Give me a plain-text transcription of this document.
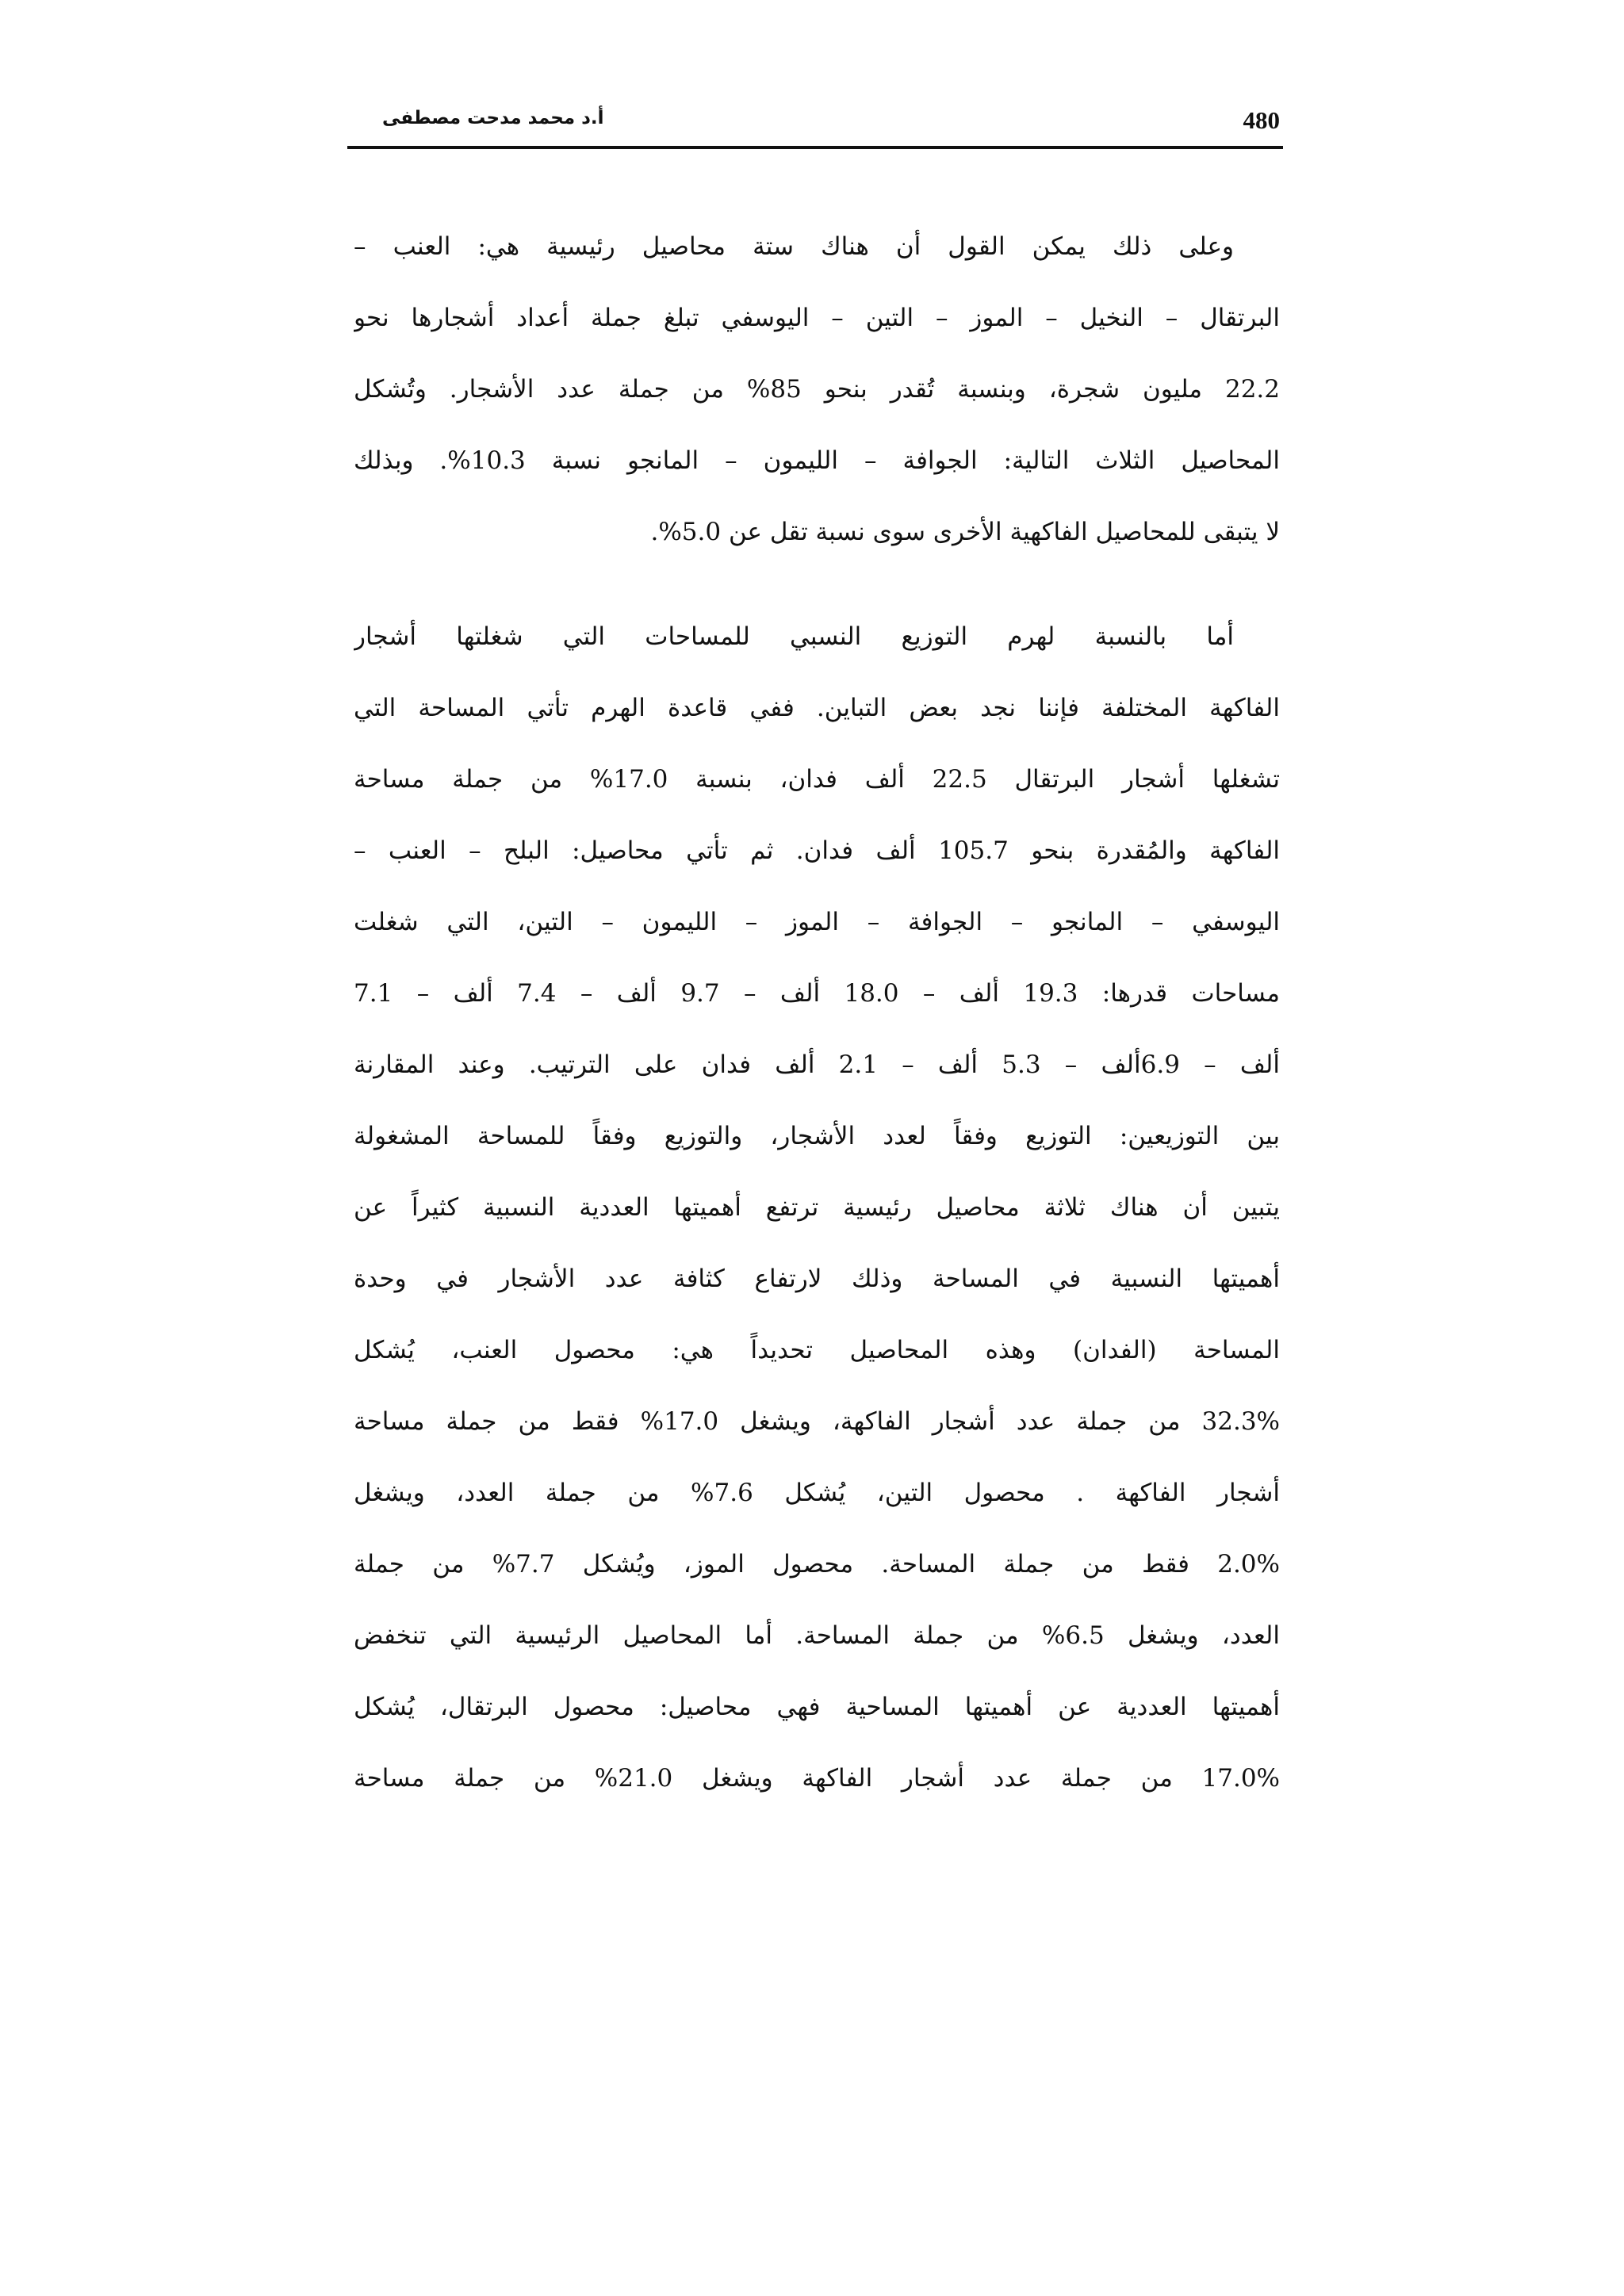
480
أ.د محمد مدحت مصطفى
وعلى ذلك يمكن القول أن هناك ستة محاصيل رئيسية هي: العنب –
البرتقال – النخيل – الموز – التين – اليوسفي تبلغ جملة أعداد أشجارها نحو
22.2 مليون شجرة، وبنسبة تُقدر بنحو 85% من جملة عدد الأشجار. وتُشكل
المحاصيل الثلاث التالية: الجوافة – الليمون – المانجو نسبة 10.3%. وبذلك
لا يتبقى للمحاصيل الفاكهية الأخرى سوى نسبة تقل عن 5.0%.
أما بالنسبة لهرم التوزيع النسبي للمساحات التي شغلتها أشجار
الفاكهة المختلفة فإننا نجد بعض التباين. ففي قاعدة الهرم تأتي المساحة التي
تشغلها أشجار البرتقال 22.5 ألف فدان، بنسبة 17.0% من جملة مساحة
الفاكهة والمُقدرة بنحو 105.7 ألف فدان. ثم تأتي محاصيل: البلح – العنب –
اليوسفي – المانجو – الجوافة – الموز – الليمون – التين، التي شغلت
مساحات قدرها: 19.3 ألف – 18.0 ألف – 9.7 ألف – 7.4 ألف – 7.1
ألف – 6.9ألف – 5.3 ألف – 2.1 ألف فدان على الترتيب. وعند المقارنة
بين التوزيعين: التوزيع وفقاً لعدد الأشجار، والتوزيع وفقاً للمساحة المشغولة
يتبين أن هناك ثلاثة محاصيل رئيسية ترتفع أهميتها العددية النسبية كثيراً عن
أهميتها النسبية في المساحة وذلك لارتفاع كثافة عدد الأشجار في وحدة
المساحة (الفدان) وهذه المحاصيل تحديداً هي: محصول العنب، يُشكل
32.3% من جملة عدد أشجار الفاكهة، ويشغل 17.0% فقط من جملة مساحة
أشجار الفاكهة . محصول التين، يُشكل 7.6% من جملة العدد، ويشغل
2.0% فقط من جملة المساحة. محصول الموز، ويُشكل 7.7% من جملة
العدد، ويشغل 6.5% من جملة المساحة. أما المحاصيل الرئيسية التي تنخفض
أهميتها العددية عن أهميتها المساحية فهي محاصيل: محصول البرتقال، يُشكل
17.0% من جملة عدد أشجار الفاكهة ويشغل 21.0% من جملة مساحة
